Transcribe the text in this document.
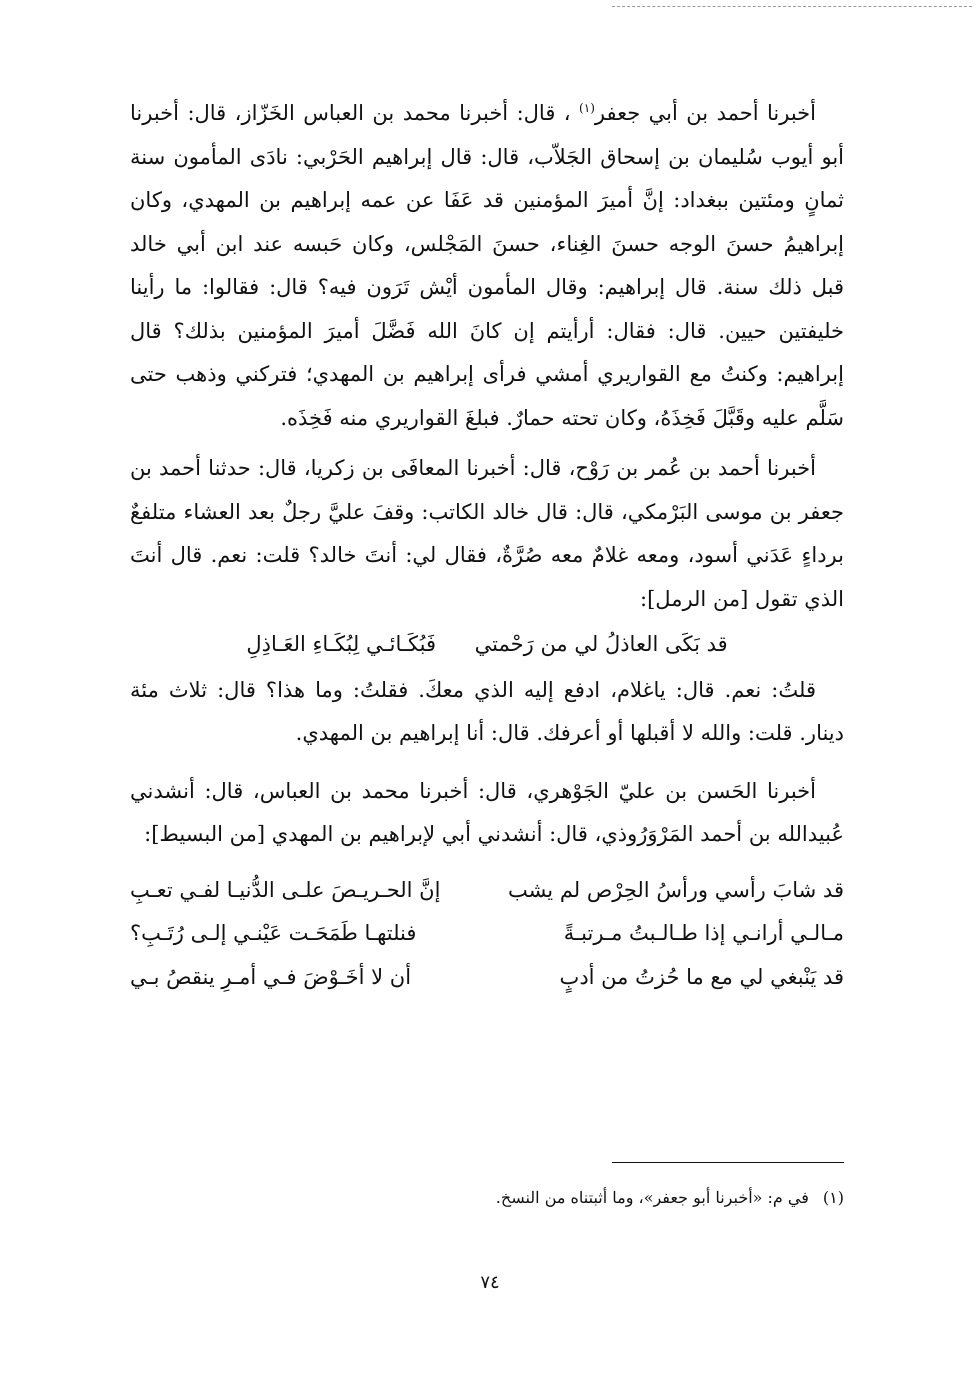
أخبرنا أحمد بن أبي جعفر$^{(١)}$ ، قال: أخبرنا محمد بن العباس الخَزّاز، قال: أخبرنا أبو أيوب سُليمان بن إسحاق الجَلاّب، قال: قال إبراهيم الحَرْبي: نادَى المأمون سنة ثمانٍ ومئتين ببغداد: إنَّ أميرَ المؤمنين قد عَفَا عن عمه إبراهيم بن المهدي، وكان إبراهيمُ حسنَ الوجه حسنَ الغِناء، حسنَ المَجْلس، وكان حَبسه عند ابن أبي خالد قبل ذلك سنة. قال إبراهيم: وقال المأمون أيْش تَرَون فيه؟ قال: فقالوا: ما رأينا خليفتين حيين. قال: فقال: أرأيتم إن كانَ الله فَضَّلَ أميرَ المؤمنين بذلك؟ قال إبراهيم: وكنتُ مع القواريري أمشي فرأى إبراهيم بن المهدي؛ فتركني وذهب حتى سَلَّم عليه وقَبَّلَ فَخِذَهُ، وكان تحته حمارٌ. فبلغَ القواريري منه فَخِذَه.

أخبرنا أحمد بن عُمر بن رَوْح، قال: أخبرنا المعافَى بن زكريا، قال: حدثنا أحمد بن جعفر بن موسى البَرْمكي، قال: قال خالد الكاتب: وقفَ عليَّ رجلٌ بعد العشاء متلفعٌ برداءٍ عَدَني أسود، ومعه غلامٌ معه صُرَّةٌ، فقال لي: أنتَ خالد؟ قلت: نعم. قال أنتَ الذي تقول [من الرمل]:

قد بَكَى العاذلُ لي من رَحْمتي فَبُكَـائـي لِبُكَـاءِ العَـاذِلِ

قلتُ: نعم. قال: ياغلام، ادفع إليه الذي معكَ. فقلتُ: وما هذا؟ قال: ثلاث مئة دينار. قلت: والله لا أقبلها أو أعرفك. قال: أنا إبراهيم بن المهدي.

أخبرنا الحَسن بن عليّ الجَوْهري، قال: أخبرنا محمد بن العباس، قال: أنشدني عُبيدالله بن أحمد المَرْوَرُوذي، قال: أنشدني أبي لإبراهيم بن المهدي [من البسيط]:

قد شابَ رأسي ورأسُ الحِرْص لم يشب
إنَّ الحـريـصَ علـى الدُّنيـا لفـي تعـبِ
مـالـي أرانـي إذا طـالـبتُ مـرتبـةً
فنلتهـا طَمَحَـت عَيْنـي إلـى رُتَـبِ؟
قد يَنْبغي لي مع ما حُزتُ من أدبٍ
أن لا أخَـوْضَ فـي أمـرِ ينقصُ بـي
(١)في م: «أخبرنا أبو جعفر»، وما أثبتناه من النسخ.
٧٤
